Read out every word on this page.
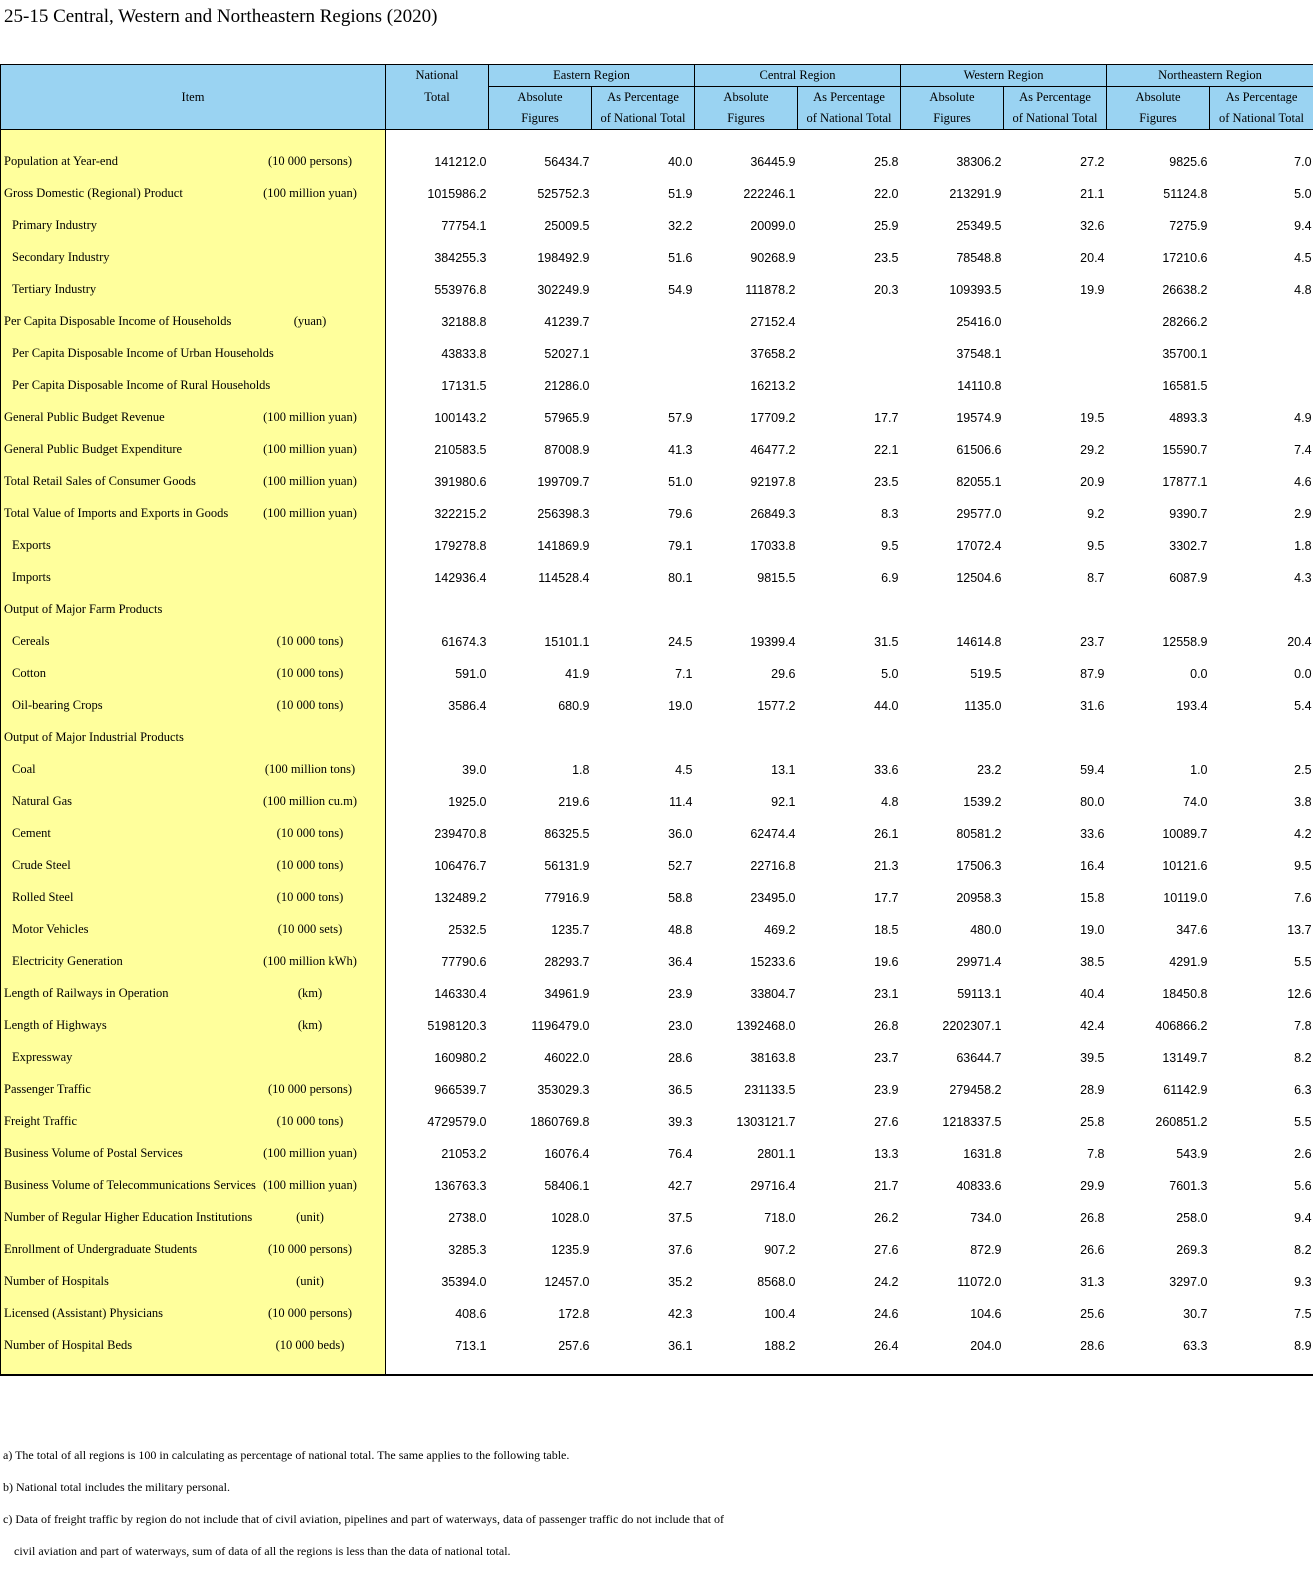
25-15 Central, Western and Northeastern Regions (2020)
Item	National	Eastern Region		Central Region		Western Region		Northeastern Region	
	Total	Absolute	As Percentage	Absolute	As Percentage	Absolute	As Percentage	Absolute	As Percentage
		Figures	of National Total	Figures	of National Total	Figures	of National Total	Figures	of National Total

Population at Year-end (10 000 persons)	141212.0	56434.7	40.0	36445.9	25.8	38306.2	27.2	9825.6	7.0

Gross Domestic (Regional) Product (100 million yuan)	1015986.2	525752.3	51.9	222246.1	22.0	213291.9	21.1	51124.8	5.0

Primary Industry	77754.1	25009.5	32.2	20099.0	25.9	25349.5	32.6	7275.9	9.4

Secondary Industry	384255.3	198492.9	51.6	90268.9	23.5	78548.8	20.4	17210.6	4.5

Tertiary Industry	553976.8	302249.9	54.9	111878.2	20.3	109393.5	19.9	26638.2	4.8

Per Capita Disposable Income of Households (yuan)	32188.8	41239.7		27152.4		25416.0		28266.2	

Per Capita Disposable Income of Urban Households	43833.8	52027.1		37658.2		37548.1		35700.1	

Per Capita Disposable Income of Rural Households	17131.5	21286.0		16213.2		14110.8		16581.5	

General Public Budget Revenue (100 million yuan)	100143.2	57965.9	57.9	17709.2	17.7	19574.9	19.5	4893.3	4.9

General Public Budget Expenditure (100 million yuan)	210583.5	87008.9	41.3	46477.2	22.1	61506.6	29.2	15590.7	7.4

Total Retail Sales of Consumer Goods (100 million yuan)	391980.6	199709.7	51.0	92197.8	23.5	82055.1	20.9	17877.1	4.6

Total Value of Imports and Exports in Goods (100 million yuan)	322215.2	256398.3	79.6	26849.3	8.3	29577.0	9.2	9390.7	2.9

Exports	179278.8	141869.9	79.1	17033.8	9.5	17072.4	9.5	3302.7	1.8

Imports	142936.4	114528.4	80.1	9815.5	6.9	12504.6	8.7	6087.9	4.3

Output of Major Farm Products									

Cereals (10 000 tons)	61674.3	15101.1	24.5	19399.4	31.5	14614.8	23.7	12558.9	20.4

Cotton (10 000 tons)	591.0	41.9	7.1	29.6	5.0	519.5	87.9	0.0	0.0

Oil-bearing Crops (10 000 tons)	3586.4	680.9	19.0	1577.2	44.0	1135.0	31.6	193.4	5.4

Output of Major Industrial Products									

Coal (100 million tons)	39.0	1.8	4.5	13.1	33.6	23.2	59.4	1.0	2.5

Natural Gas (100 million cu.m)	1925.0	219.6	11.4	92.1	4.8	1539.2	80.0	74.0	3.8

Cement (10 000 tons)	239470.8	86325.5	36.0	62474.4	26.1	80581.2	33.6	10089.7	4.2

Crude Steel (10 000 tons)	106476.7	56131.9	52.7	22716.8	21.3	17506.3	16.4	10121.6	9.5

Rolled Steel (10 000 tons)	132489.2	77916.9	58.8	23495.0	17.7	20958.3	15.8	10119.0	7.6

Motor Vehicles (10 000 sets)	2532.5	1235.7	48.8	469.2	18.5	480.0	19.0	347.6	13.7

Electricity Generation (100 million kWh)	77790.6	28293.7	36.4	15233.6	19.6	29971.4	38.5	4291.9	5.5

Length of Railways in Operation (km)	146330.4	34961.9	23.9	33804.7	23.1	59113.1	40.4	18450.8	12.6

Length of Highways (km)	5198120.3	1196479.0	23.0	1392468.0	26.8	2202307.1	42.4	406866.2	7.8

Expressway	160980.2	46022.0	28.6	38163.8	23.7	63644.7	39.5	13149.7	8.2

Passenger Traffic (10 000 persons)	966539.7	353029.3	36.5	231133.5	23.9	279458.2	28.9	61142.9	6.3

Freight Traffic (10 000 tons)	4729579.0	1860769.8	39.3	1303121.7	27.6	1218337.5	25.8	260851.2	5.5

Business Volume of Postal Services (100 million yuan)	21053.2	16076.4	76.4	2801.1	13.3	1631.8	7.8	543.9	2.6

Business Volume of Telecommunications Services (100 million yuan)	136763.3	58406.1	42.7	29716.4	21.7	40833.6	29.9	7601.3	5.6

Number of Regular Higher Education Institutions (unit)	2738.0	1028.0	37.5	718.0	26.2	734.0	26.8	258.0	9.4

Enrollment of Undergraduate Students (10 000 persons)	3285.3	1235.9	37.6	907.2	27.6	872.9	26.6	269.3	8.2

Number of Hospitals (unit)	35394.0	12457.0	35.2	8568.0	24.2	11072.0	31.3	3297.0	9.3

Licensed (Assistant) Physicians (10 000 persons)	408.6	172.8	42.3	100.4	24.6	104.6	25.6	30.7	7.5

Number of Hospital Beds (10 000 beds)	713.1	257.6	36.1	188.2	26.4	204.0	28.6	63.3	8.9

a) The total of all regions is 100 in calculating as percentage of national total. The same applies to the following table.
b) National total includes the military personal.
c) Data of freight traffic by region do not include that of civil aviation, pipelines and part of waterways, data of passenger traffic do not include that of
civil aviation and part of waterways, sum of data of all the regions is less than the data of national total.
